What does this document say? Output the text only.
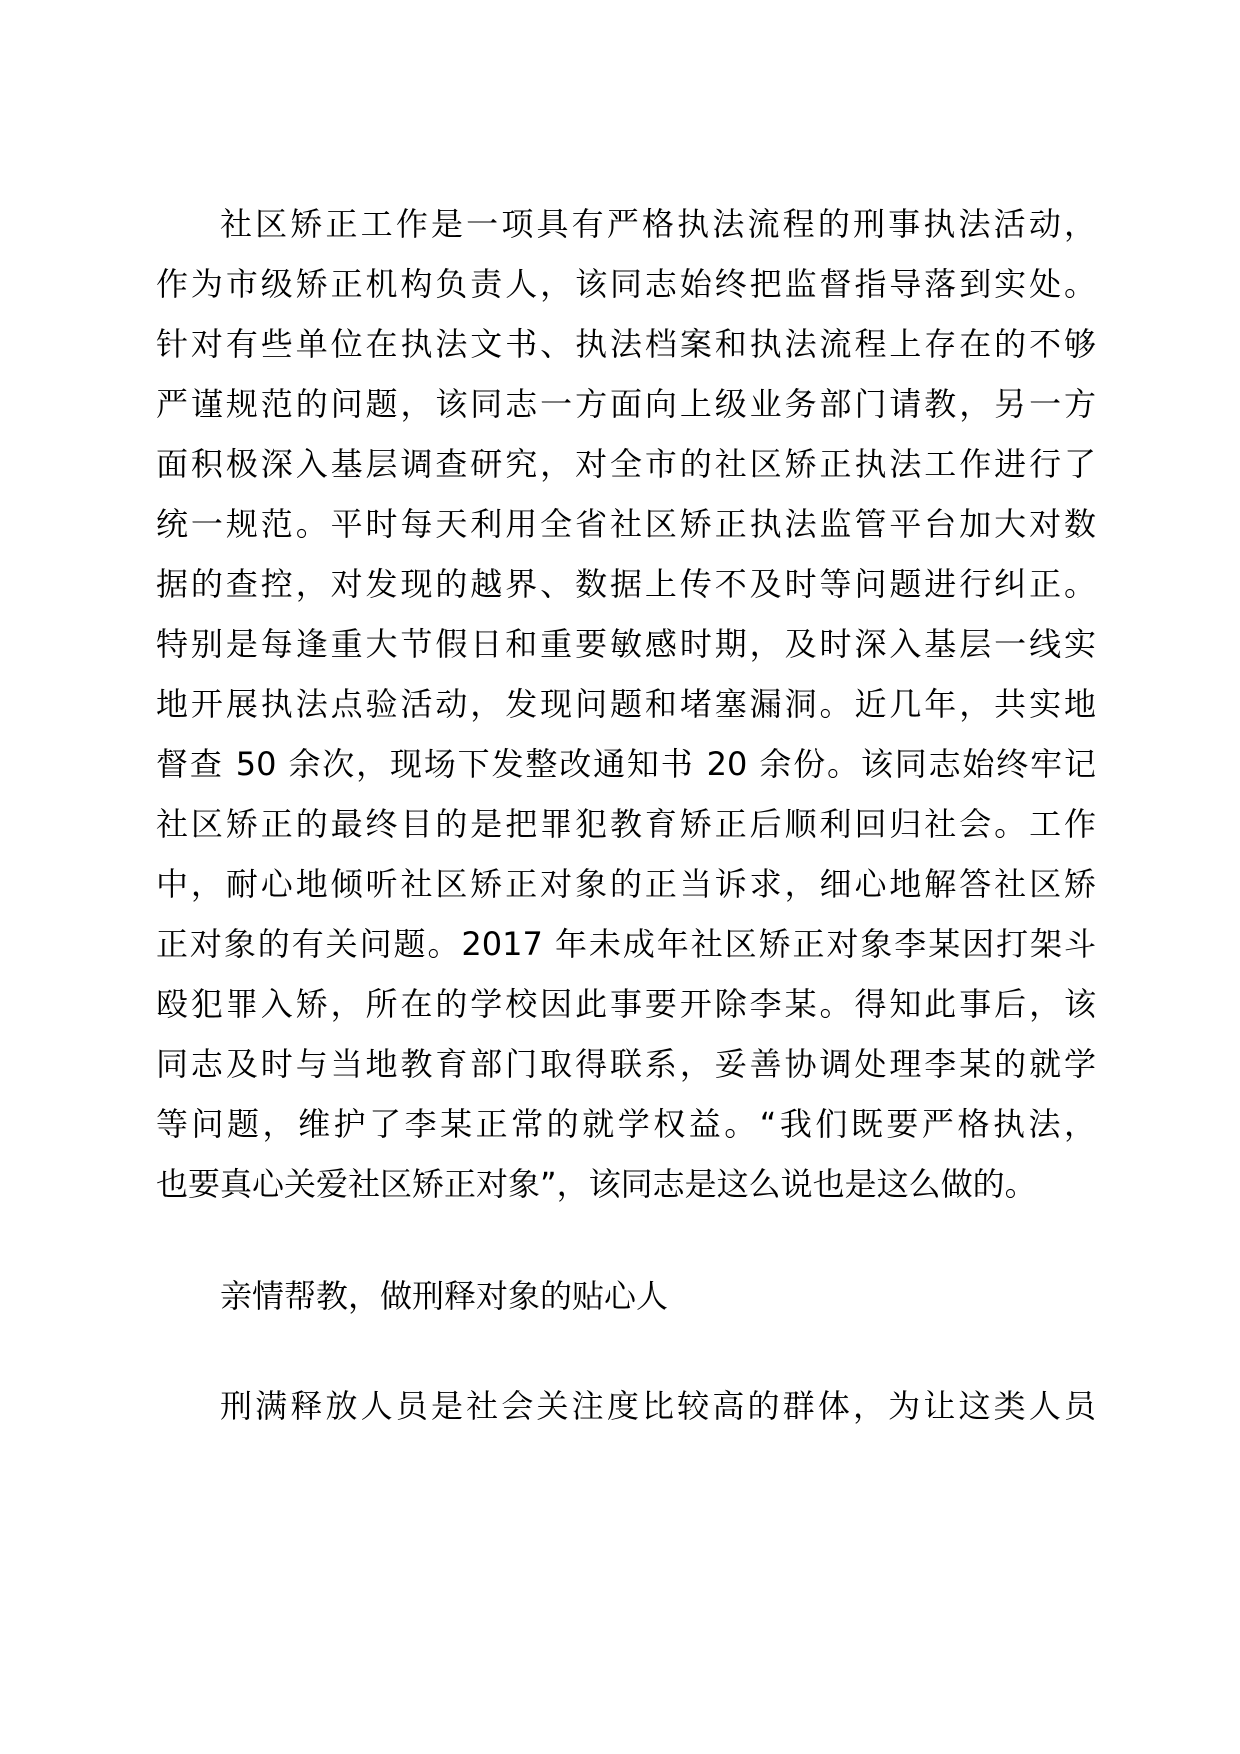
社区矫正工作是一项具有严格执法流程的刑事执法活动，
作为市级矫正机构负责人，该同志始终把监督指导落到实处。
针对有些单位在执法文书、执法档案和执法流程上存在的不够
严谨规范的问题，该同志一方面向上级业务部门请教，另一方
面积极深入基层调查研究，对全市的社区矫正执法工作进行了
统一规范。平时每天利用全省社区矫正执法监管平台加大对数
据的查控，对发现的越界、数据上传不及时等问题进行纠正。
特别是每逢重大节假日和重要敏感时期，及时深入基层一线实
地开展执法点验活动，发现问题和堵塞漏洞。近几年，共实地
督查 50 余次，现场下发整改通知书 20 余份。该同志始终牢记
社区矫正的最终目的是把罪犯教育矫正后顺利回归社会。工作
中，耐心地倾听社区矫正对象的正当诉求，细心地解答社区矫
正对象的有关问题。2017 年未成年社区矫正对象李某因打架斗
殴犯罪入矫，所在的学校因此事要开除李某。得知此事后，该
同志及时与当地教育部门取得联系，妥善协调处理李某的就学
等问题，维护了李某正常的就学权益。“我们既要严格执法，
也要真心关爱社区矫正对象”，该同志是这么说也是这么做的。
亲情帮教，做刑释对象的贴心人
刑满释放人员是社会关注度比较高的群体，为让这类人员
